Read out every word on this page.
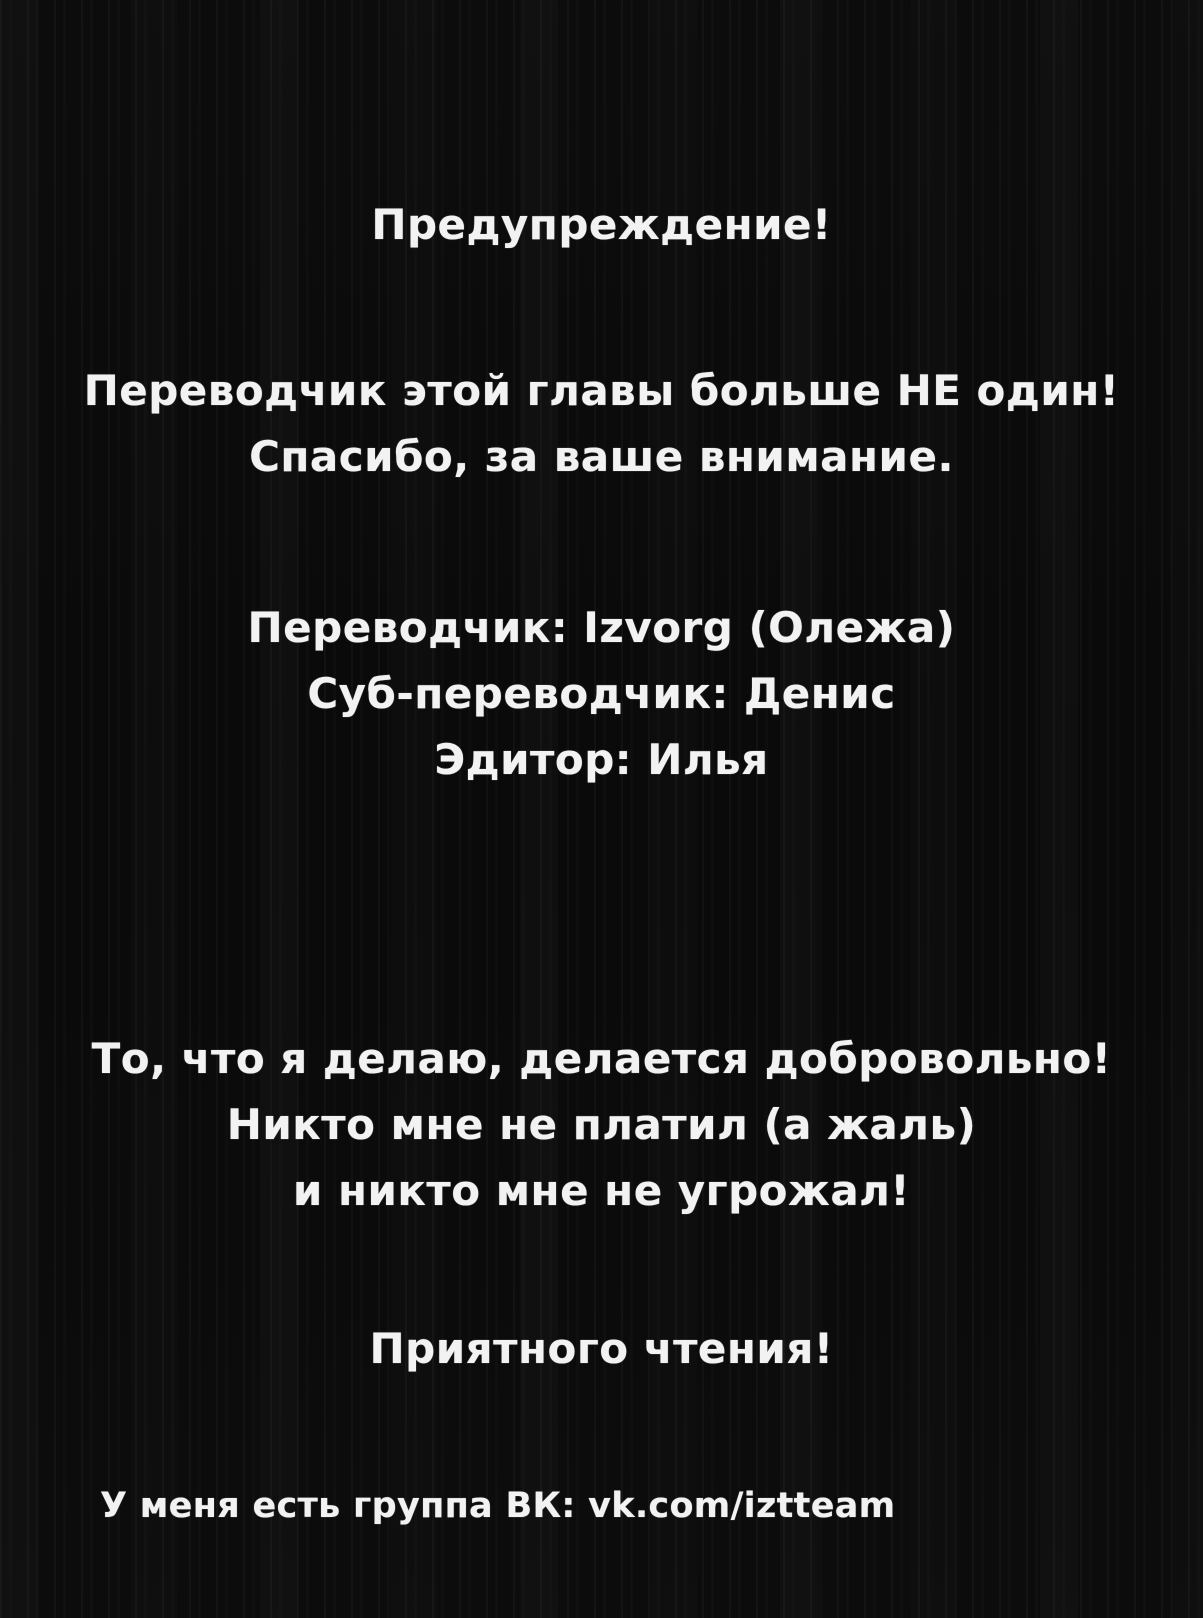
Предупреждение!
Переводчик этой главы больше НЕ один!
Спасибо, за ваше внимание.
Переводчик: Izvorg (Олежа)
Суб-переводчик: Денис
Эдитор: Илья
То, что я делаю, делается добровольно!
Никто мне не платил (а жаль)
и никто мне не угрожал!
Приятного чтения!
У меня есть группа ВК: vk.com/iztteam
